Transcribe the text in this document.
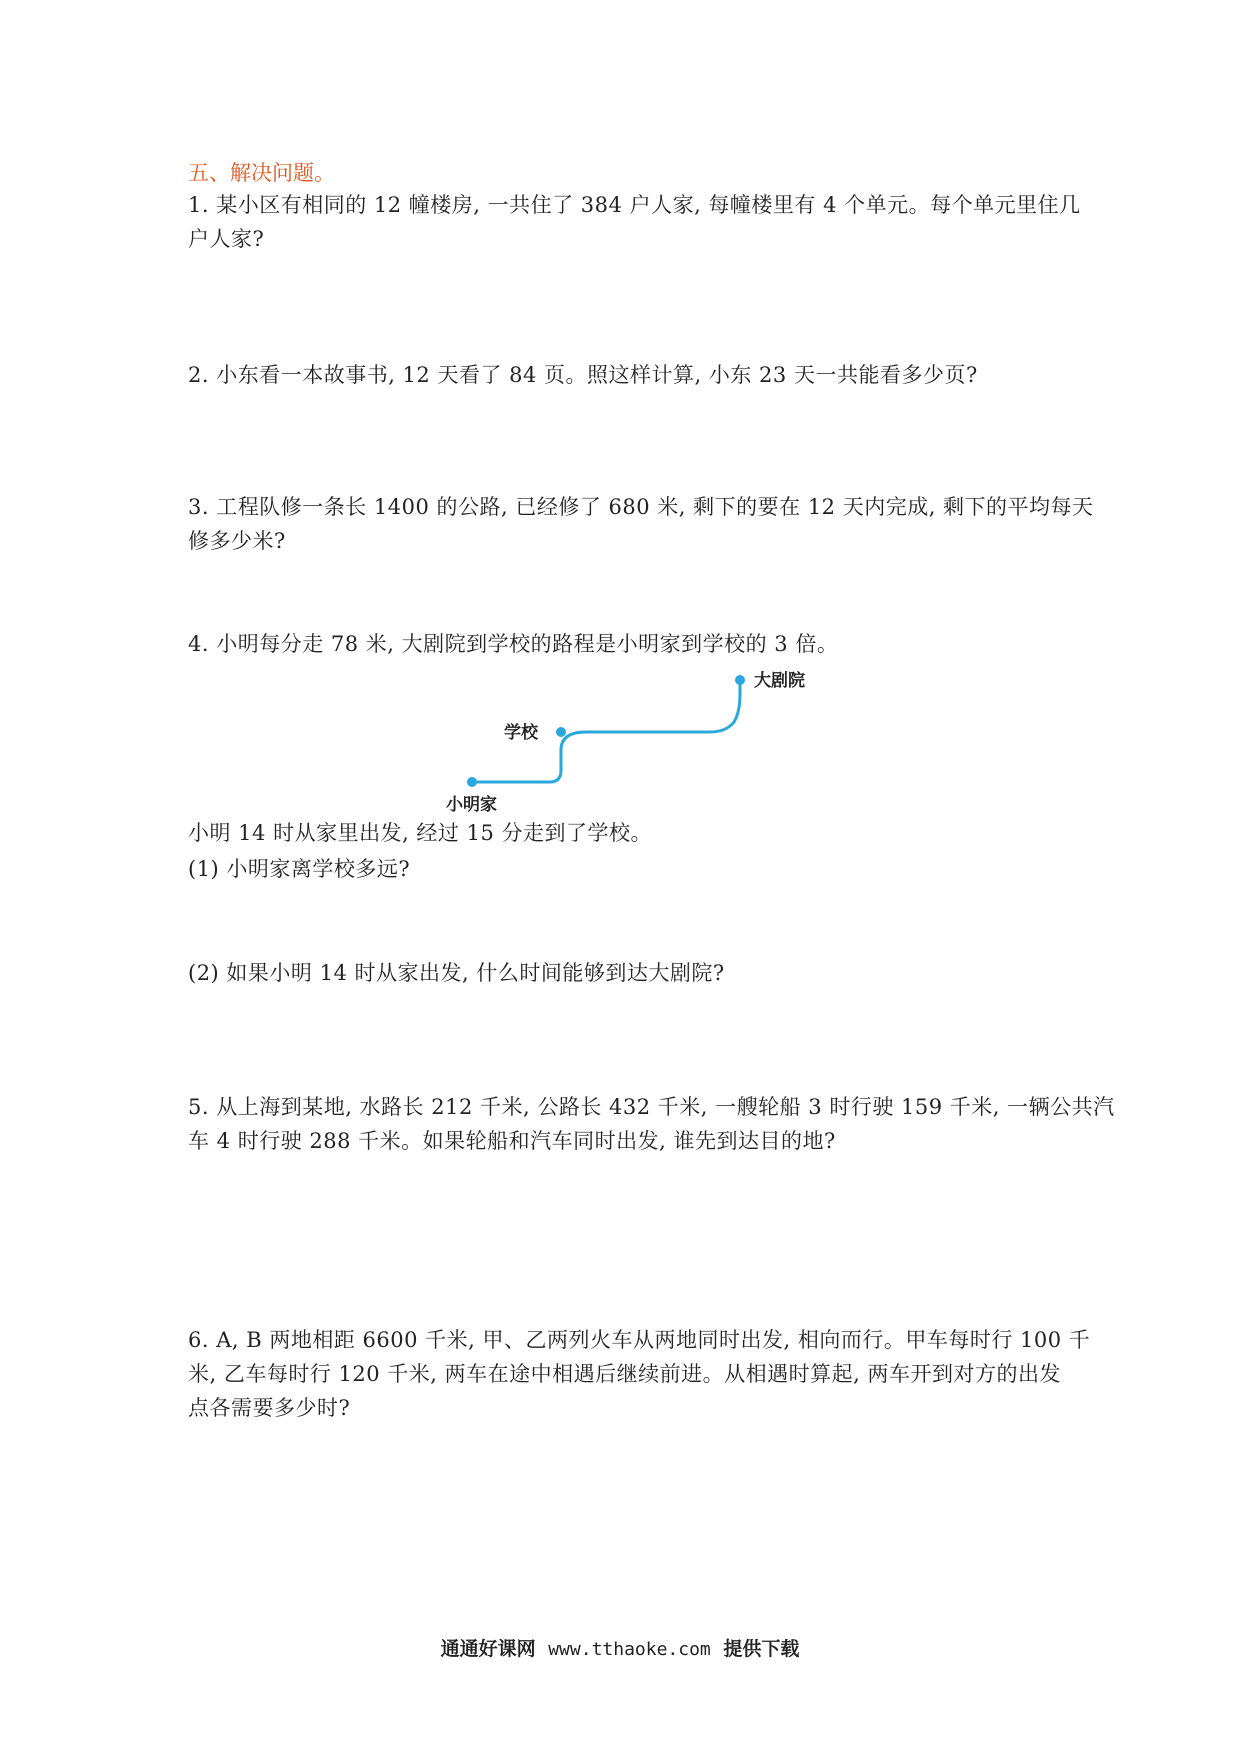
五、解决问题。
1. 某小区有相同的 12 幢楼房, 一共住了 384 户人家, 每幢楼里有 4 个单元。每个单元里住几
户人家?
2. 小东看一本故事书, 12 天看了 84 页。照这样计算, 小东 23 天一共能看多少页?
3. 工程队修一条长 1400 的公路, 已经修了 680 米, 剩下的要在 12 天内完成, 剩下的平均每天
修多少米?
4. 小明每分走 78 米, 大剧院到学校的路程是小明家到学校的 3 倍。
小明家
学校
大剧院
小明 14 时从家里出发, 经过 15 分走到了学校。
(1) 小明家离学校多远?
(2) 如果小明 14 时从家出发, 什么时间能够到达大剧院?
5. 从上海到某地, 水路长 212 千米, 公路长 432 千米, 一艘轮船 3 时行驶 159 千米, 一辆公共汽
车 4 时行驶 288 千米。如果轮船和汽车同时出发, 谁先到达目的地?
6. A, B 两地相距 6600 千米, 甲、乙两列火车从两地同时出发, 相向而行。甲车每时行 100 千
米, 乙车每时行 120 千米, 两车在途中相遇后继续前进。从相遇时算起, 两车开到对方的出发
点各需要多少时?
通通好课网 www.tthaoke.com 提供下载
